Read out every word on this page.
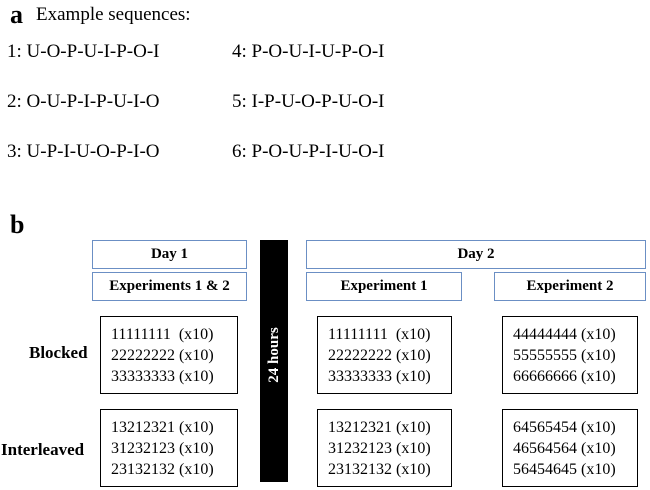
a Example sequences:
1: U-O-P-U-I-P-O-I
2: O-U-P-I-P-U-I-O
3: U-P-I-U-O-P-I-O
4: P-O-U-I-U-P-O-I
5: I-P-U-O-P-U-O-I
6: P-O-U-P-I-U-O-I
b
Day 1	Day 2
Experiments 1 & 2	Experiment 1	Experiment 2
24 hours
Blocked
Interleaved
11111111  (x10)
22222222 (x10)
33333333 (x10)
11111111  (x10)
22222222 (x10)
33333333 (x10)
44444444 (x10)
55555555 (x10)
66666666 (x10)
13212321 (x10)
31232123 (x10)
23132132 (x10)
13212321 (x10)
31232123 (x10)
23132132 (x10)
64565454 (x10)
46564564 (x10)
56454645 (x10)
